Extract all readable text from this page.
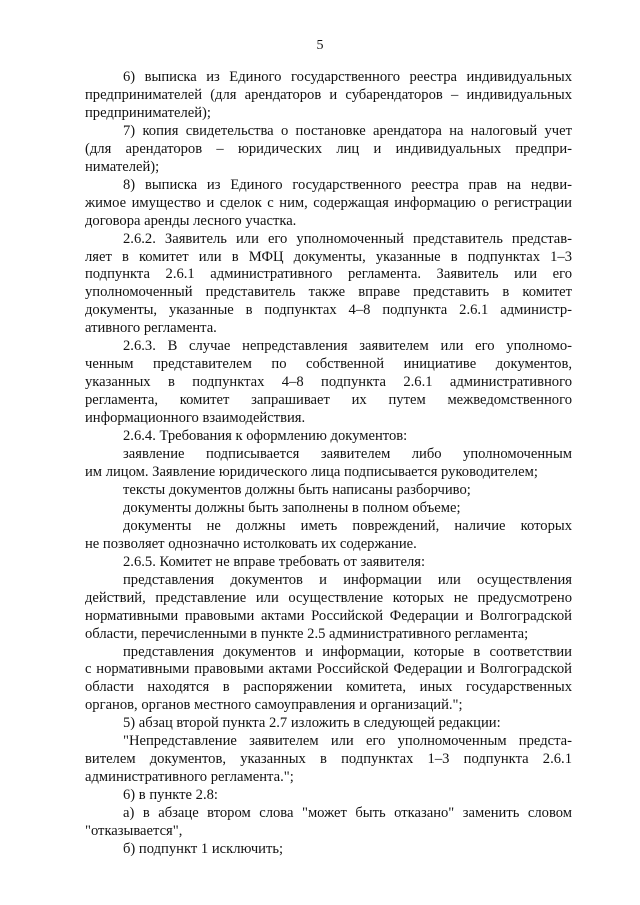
5
6) выписка из Единого государственного реестра индивидуальных
предпринимателей (для арендаторов и субарендаторов – индивидуальных
предпринимателей);
7) копия свидетельства о постановке арендатора на налоговый учет
(для арендаторов – юридических лиц и индивидуальных предпри-
нимателей);
8) выписка из Единого государственного реестра прав на недви-
жимое имущество и сделок с ним, содержащая информацию о регистрации
договора аренды лесного участка.
2.6.2. Заявитель или его уполномоченный представитель представ-
ляет в комитет или в МФЦ документы, указанные в подпунктах 1–3
подпункта 2.6.1 административного регламента. Заявитель или его
уполномоченный представитель также вправе представить в комитет
документы, указанные в подпунктах 4–8 подпункта 2.6.1 администр-
ативного регламента.
2.6.3. В случае непредставления заявителем или его уполномо-
ченным представителем по собственной инициативе документов,
указанных в подпунктах 4–8 подпункта 2.6.1 административного
регламента, комитет запрашивает их путем межведомственного
информационного взаимодействия.
2.6.4. Требования к оформлению документов:
заявление подписывается заявителем либо уполномоченным
им лицом. Заявление юридического лица подписывается руководителем;
тексты документов должны быть написаны разборчиво;
документы должны быть заполнены в полном объеме;
документы не должны иметь повреждений, наличие которых
не позволяет однозначно истолковать их содержание.
2.6.5. Комитет не вправе требовать от заявителя:
представления документов и информации или осуществления
действий, представление или осуществление которых не предусмотрено
нормативными правовыми актами Российской Федерации и Волгоградской
области, перечисленными в пункте 2.5 административного регламента;
представления документов и информации, которые в соответствии
с нормативными правовыми актами Российской Федерации и Волгоградской
области находятся в распоряжении комитета, иных государственных
органов, органов местного самоуправления и организаций.";
5) абзац второй пункта 2.7 изложить в следующей редакции:
"Непредставление заявителем или его уполномоченным предста-
вителем документов, указанных в подпунктах 1–3 подпункта 2.6.1
административного регламента.";
6) в пункте 2.8:
а) в абзаце втором слова "может быть отказано" заменить словом
"отказывается",
б) подпункт 1 исключить;
